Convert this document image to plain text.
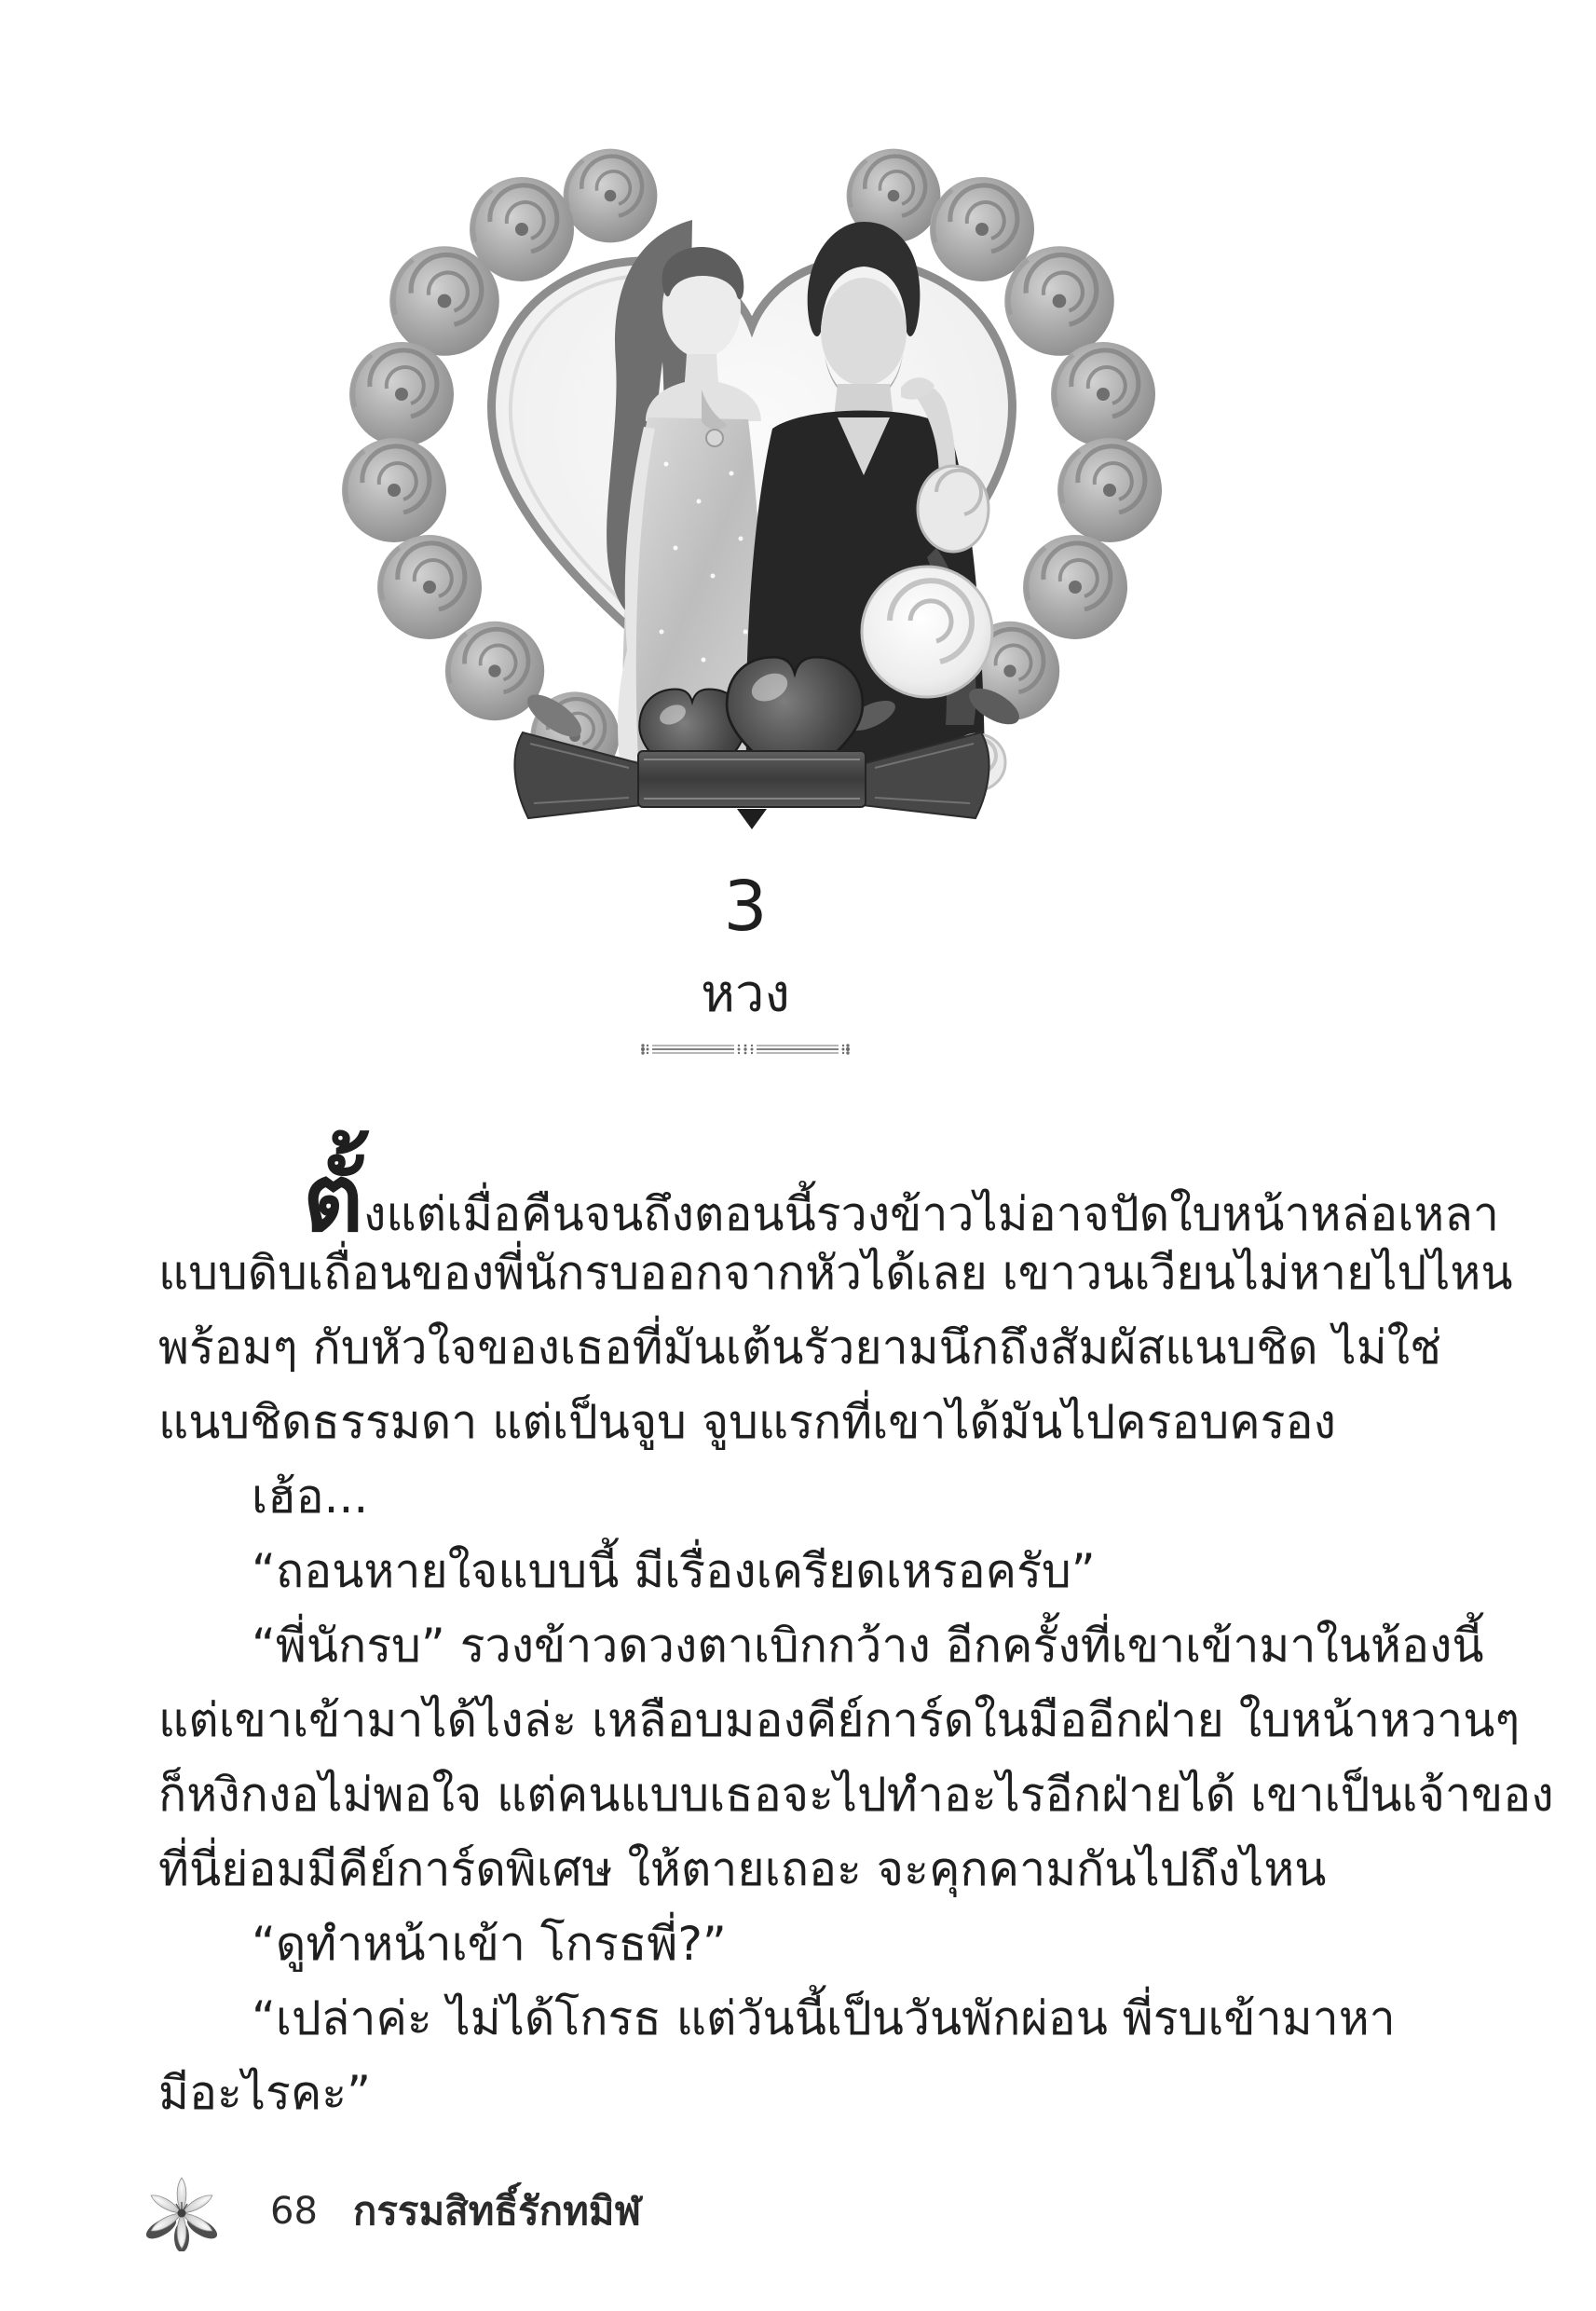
3
หวง
ตั้งแต่เมื่อคืนจนถึงตอนนี้รวงข้าวไม่อาจปัดใบหน้าหล่อเหลา
แบบดิบเถื่อนของพี่นักรบออกจากหัวได้เลย เขาวนเวียนไม่หายไปไหน
พร้อมๆ กับหัวใจของเธอที่มันเต้นรัวยามนึกถึงสัมผัสแนบชิด ไม่ใช่
แนบชิดธรรมดา แต่เป็นจูบ จูบแรกที่เขาได้มันไปครอบครอง
เฮ้อ...
“ถอนหายใจแบบนี้ มีเรื่องเครียดเหรอครับ”
“พี่นักรบ” รวงข้าวดวงตาเบิกกว้าง อีกครั้งที่เขาเข้ามาในห้องนี้
แต่เขาเข้ามาได้ไงล่ะ เหลือบมองคีย์การ์ดในมืออีกฝ่าย ใบหน้าหวานๆ
ก็หงิกงอไม่พอใจ แต่คนแบบเธอจะไปทำอะไรอีกฝ่ายได้ เขาเป็นเจ้าของ
ที่นี่ย่อมมีคีย์การ์ดพิเศษ ให้ตายเถอะ จะคุกคามกันไปถึงไหน
“ดูทำหน้าเข้า โกรธพี่?”
“เปล่าค่ะ ไม่ได้โกรธ แต่วันนี้เป็นวันพักผ่อน พี่รบเข้ามาหา
มีอะไรคะ”
68 กรรมสิทธิ์รักทมิฬ
